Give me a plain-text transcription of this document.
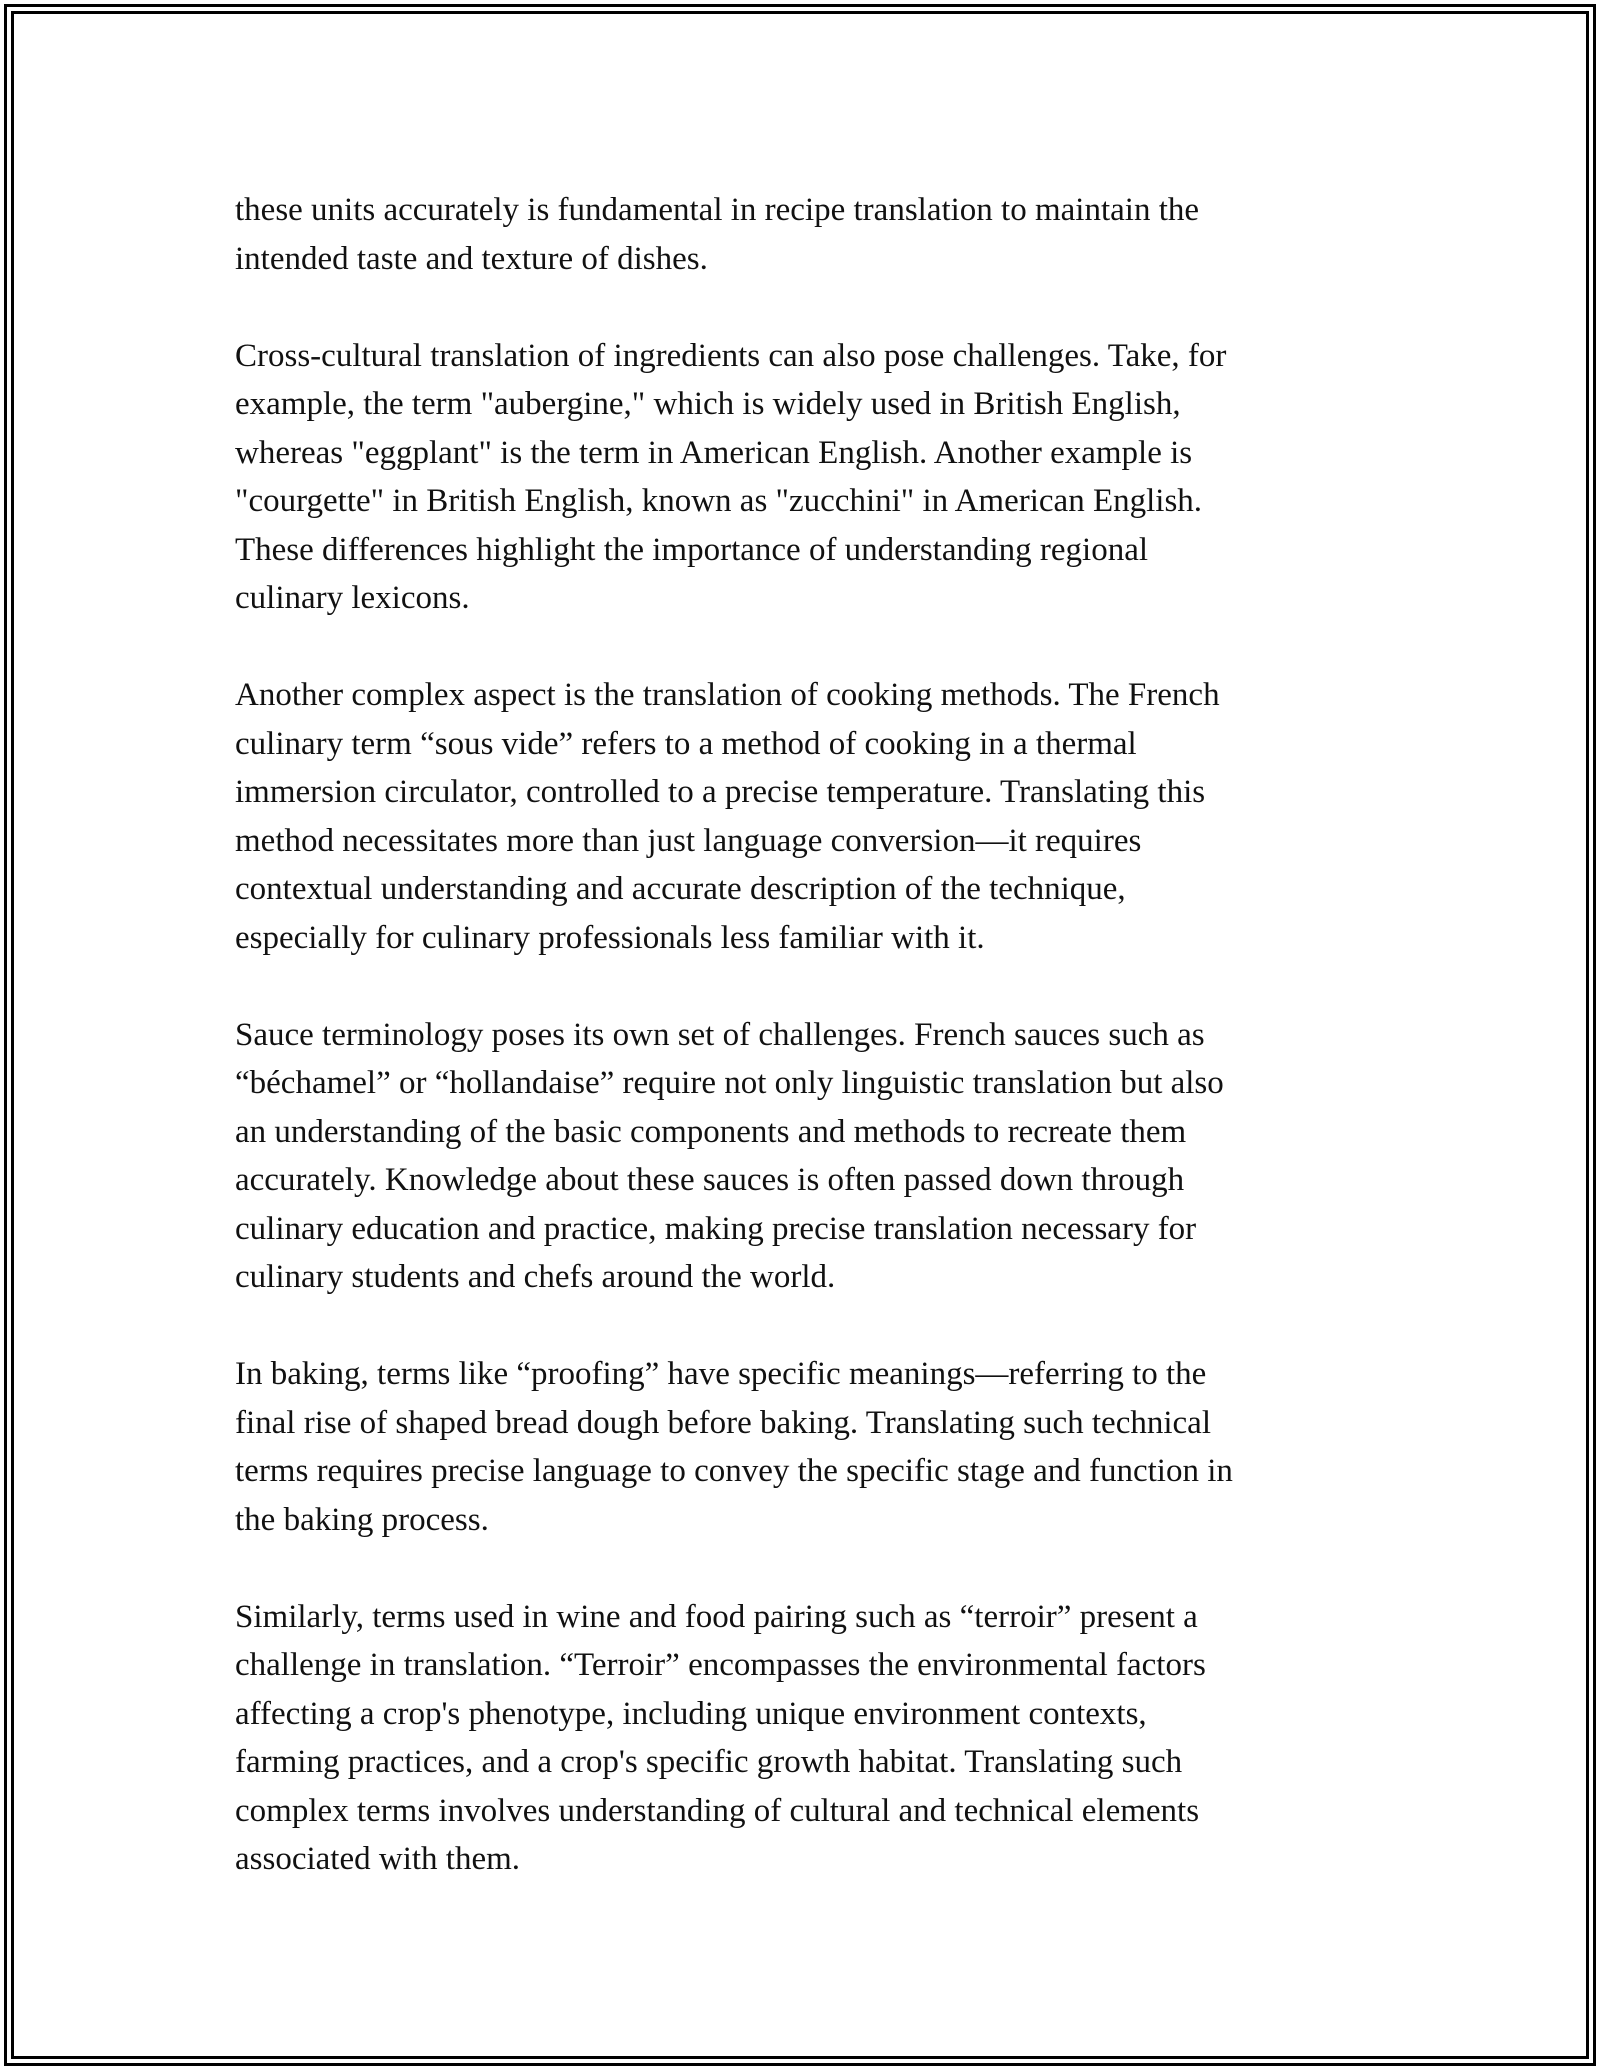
these units accurately is fundamental in recipe translation to maintain the
intended taste and texture of dishes.

Cross-cultural translation of ingredients can also pose challenges. Take, for
example, the term "aubergine," which is widely used in British English,
whereas "eggplant" is the term in American English. Another example is
"courgette" in British English, known as "zucchini" in American English.
These differences highlight the importance of understanding regional
culinary lexicons.

Another complex aspect is the translation of cooking methods. The French
culinary term “sous vide” refers to a method of cooking in a thermal
immersion circulator, controlled to a precise temperature. Translating this
method necessitates more than just language conversion—it requires
contextual understanding and accurate description of the technique,
especially for culinary professionals less familiar with it.

Sauce terminology poses its own set of challenges. French sauces such as
“béchamel” or “hollandaise” require not only linguistic translation but also
an understanding of the basic components and methods to recreate them
accurately. Knowledge about these sauces is often passed down through
culinary education and practice, making precise translation necessary for
culinary students and chefs around the world.

In baking, terms like “proofing” have specific meanings—referring to the
final rise of shaped bread dough before baking. Translating such technical
terms requires precise language to convey the specific stage and function in
the baking process.

Similarly, terms used in wine and food pairing such as “terroir” present a
challenge in translation. “Terroir” encompasses the environmental factors
affecting a crop's phenotype, including unique environment contexts,
farming practices, and a crop's specific growth habitat. Translating such
complex terms involves understanding of cultural and technical elements
associated with them.
